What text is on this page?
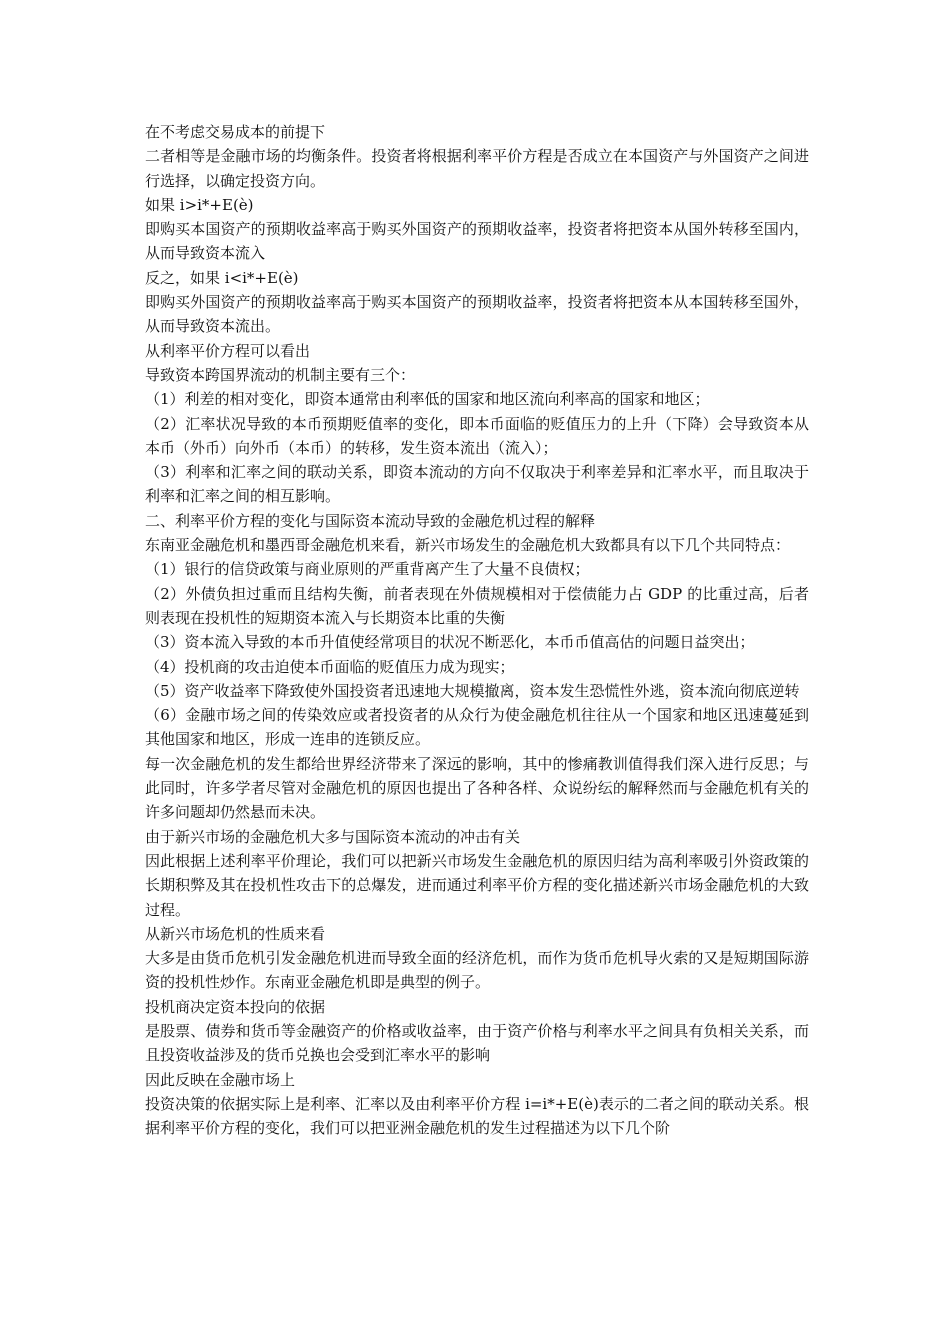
在不考虑交易成本的前提下

二者相等是金融市场的均衡条件。投资者将根据利率平价方程是否成立在本国资产与外国资产之间进行选择，以确定投资方向。

如果 i>i*+E(è)

即购买本国资产的预期收益率高于购买外国资产的预期收益率，投资者将把资本从国外转移至国内，从而导致资本流入

反之，如果 i<i*+E(è)

即购买外国资产的预期收益率高于购买本国资产的预期收益率，投资者将把资本从本国转移至国外，从而导致资本流出。

从利率平价方程可以看出

导致资本跨国界流动的机制主要有三个：

（1）利差的相对变化，即资本通常由利率低的国家和地区流向利率高的国家和地区；

（2）汇率状况导致的本币预期贬值率的变化，即本币面临的贬值压力的上升（下降）会导致资本从本币（外币）向外币（本币）的转移，发生资本流出（流入）；

（3）利率和汇率之间的联动关系，即资本流动的方向不仅取决于利率差异和汇率水平，而且取决于利率和汇率之间的相互影响。

二、利率平价方程的变化与国际资本流动导致的金融危机过程的解释

东南亚金融危机和墨西哥金融危机来看，新兴市场发生的金融危机大致都具有以下几个共同特点：

（1）银行的信贷政策与商业原则的严重背离产生了大量不良债权；

（2）外债负担过重而且结构失衡，前者表现在外债规模相对于偿债能力占 GDP 的比重过高，后者则表现在投机性的短期资本流入与长期资本比重的失衡

（3）资本流入导致的本币升值使经常项目的状况不断恶化，本币币值高估的问题日益突出；

（4）投机商的攻击迫使本币面临的贬值压力成为现实；

（5）资产收益率下降致使外国投资者迅速地大规模撤离，资本发生恐慌性外逃，资本流向彻底逆转

（6）金融市场之间的传染效应或者投资者的从众行为使金融危机往往从一个国家和地区迅速蔓延到其他国家和地区，形成一连串的连锁反应。

每一次金融危机的发生都给世界经济带来了深远的影响，其中的惨痛教训值得我们深入进行反思；与此同时，许多学者尽管对金融危机的原因也提出了各种各样、众说纷纭的解释然而与金融危机有关的许多问题却仍然悬而未决。

由于新兴市场的金融危机大多与国际资本流动的冲击有关

因此根据上述利率平价理论，我们可以把新兴市场发生金融危机的原因归结为高利率吸引外资政策的长期积弊及其在投机性攻击下的总爆发，进而通过利率平价方程的变化描述新兴市场金融危机的大致过程。

从新兴市场危机的性质来看

大多是由货币危机引发金融危机进而导致全面的经济危机，而作为货币危机导火索的又是短期国际游资的投机性炒作。东南亚金融危机即是典型的例子。

投机商决定资本投向的依据

是股票、债券和货币等金融资产的价格或收益率，由于资产价格与利率水平之间具有负相关关系，而且投资收益涉及的货币兑换也会受到汇率水平的影响

因此反映在金融市场上

投资决策的依据实际上是利率、汇率以及由利率平价方程 i=i*+E(è)表示的二者之间的联动关系。根据利率平价方程的变化，我们可以把亚洲金融危机的发生过程描述为以下几个阶
